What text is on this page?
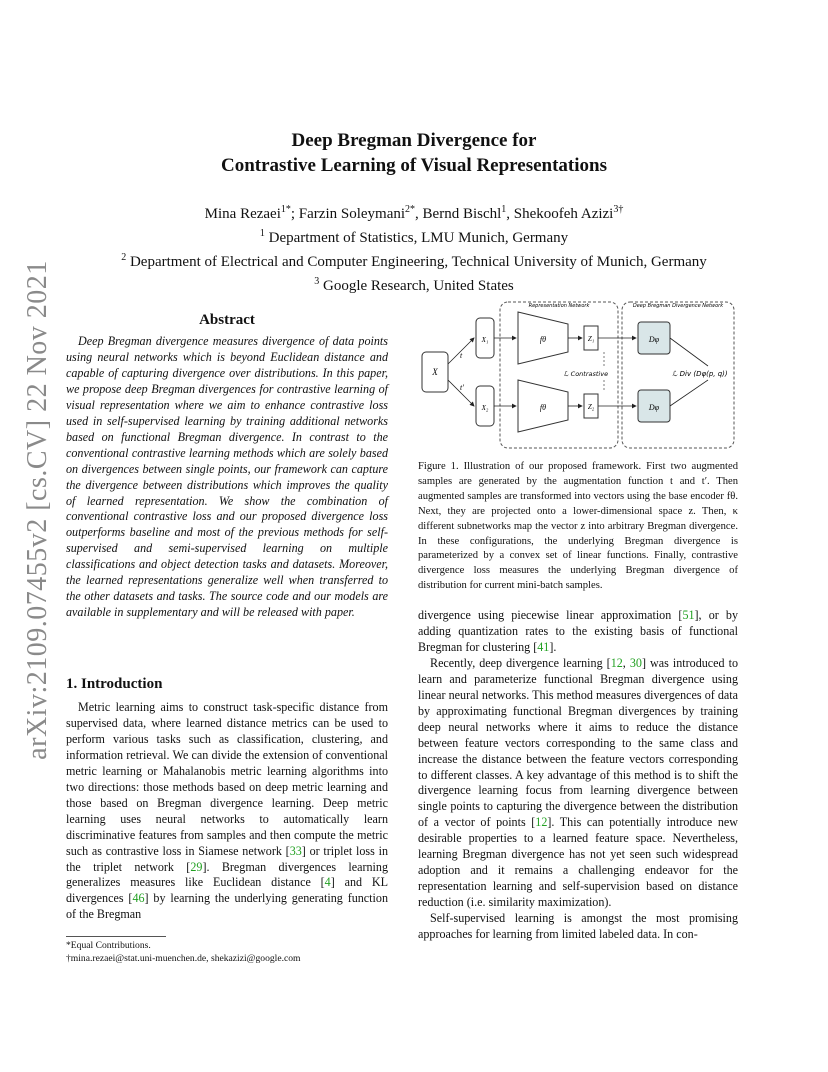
arXiv:2109.07455v2 [cs.CV] 22 Nov 2021
Deep Bregman Divergence for
Contrastive Learning of Visual Representations
Mina Rezaei$^{1*}$; Farzin Soleymani$^{2*}$, Bernd Bischl$^1$, Shekoofeh Azizi$^{3\dagger}$
$^1$ Department of Statistics, LMU Munich, Germany
$^2$ Department of Electrical and Computer Engineering, Technical University of Munich, Germany
$^3$ Google Research, United States
Abstract
Deep Bregman divergence measures divergence of data points using neural networks which is beyond Euclidean distance and capable of capturing divergence over distributions. In this paper, we propose deep Bregman divergences for contrastive learning of visual representation where we aim to enhance contrastive loss used in self-supervised learning by training additional networks based on functional Bregman divergence. In contrast to the conventional contrastive learning methods which are solely based on divergences between single points, our framework can capture the divergence between distributions which improves the quality of learned representation. We show the combination of conventional contrastive loss and our proposed divergence loss outperforms baseline and most of the previous methods for self-supervised and semi-supervised learning on multiple classifications and object detection tasks and datasets. Moreover, the learned representations generalize well when transferred to the other datasets and tasks. The source code and our models are available in supplementary and will be released with paper.
1. Introduction
Metric learning aims to construct task-specific distance from supervised data, where learned distance metrics can be used to perform various tasks such as classification, clustering, and information retrieval. We can divide the extension of conventional metric learning or Mahalanobis metric learning algorithms into two directions: those methods based on deep metric learning and those based on Bregman divergence learning. Deep metric learning uses neural networks to automatically learn discriminative features from samples and then compute the metric such as contrastive loss in Siamese network [33] or triplet loss in the triplet network [29]. Bregman divergences learning generalizes measures like Euclidean distance [4] and KL divergences [46] by learning the underlying generating function of the Bregman
*Equal Contributions.
†mina.rezaei@stat.uni-muenchen.de, shekazizi@google.com
Representation Network	Deep Bregman Divergence Network
X
t
t′
X₁
X₂
fθ
fθ
Z₁
Z₂
ℒ Contrastive
Dφ
Dφ
ℒ Div (Dφ(p, q))
Figure 1. Illustration of our proposed framework. First two augmented samples are generated by the augmentation function t and t′. Then augmented samples are transformed into vectors using the base encoder fθ. Next, they are projected onto a lower-dimensional space z. Then, κ different subnetworks map the vector z into arbitrary Bregman divergence. In these configurations, the underlying Bregman divergence is parameterized by a convex set of linear functions. Finally, contrastive divergence loss measures the underlying Bregman divergence of distribution for current mini-batch samples.

divergence using piecewise linear approximation [51], or by adding quantization rates to the existing basis of functional Bregman for clustering [41].

Recently, deep divergence learning [12, 30] was introduced to learn and parameterize functional Bregman divergence using linear neural networks. This method measures divergences of data by approximating functional Bregman divergences by training deep neural networks where it aims to reduce the distance between feature vectors corresponding to the same class and increase the distance between the feature vectors corresponding to different classes. A key advantage of this method is to shift the divergence learning focus from learning divergence between single points to capturing the divergence between the distribution of a vector of points [12]. This can potentially introduce new desirable properties to a learned feature space. Nevertheless, learning Bregman divergence has not yet seen such widespread adoption and it remains a challenging endeavor for the representation learning and self-supervision based on distance reduction (i.e. similarity maximization).

Self-supervised learning is amongst the most promising approaches for learning from limited labeled data. In con-
